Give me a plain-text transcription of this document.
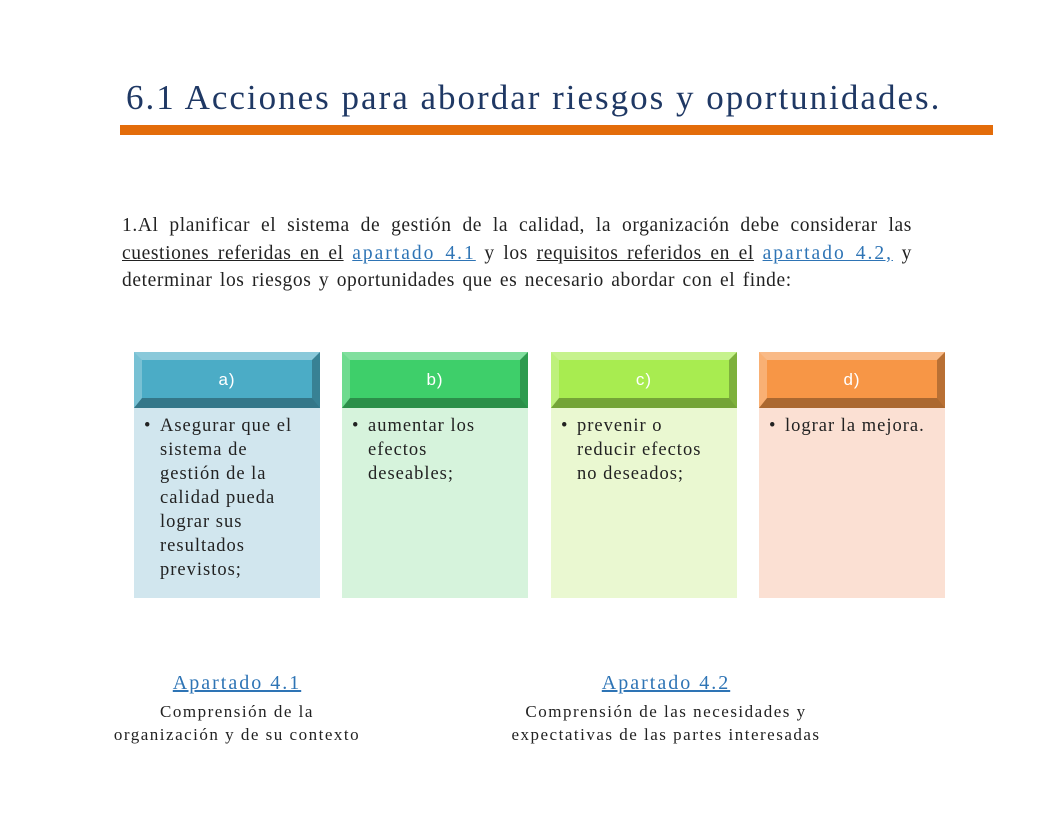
6.1 Acciones para abordar riesgos y oportunidades.
1.Al planificar el sistema de gestión de la calidad, la organización debe considerar las cuestiones referidas en el apartado 4.1 y los requisitos referidos en el apartado 4.2, y determinar los riesgos y oportunidades que es necesario abordar con el finde:
• Asegurar que el sistema de gestión de la calidad pueda lograr sus resultados previstos;
a)
• aumentar los efectos deseables;
b)
• prevenir o reducir efectos no deseados;
c)
• lograr la mejora.
d)
Apartado 4.1
Comprensión de la
organización y de su contexto
Apartado 4.2
Comprensión de las necesidades y
expectativas de las partes interesadas
